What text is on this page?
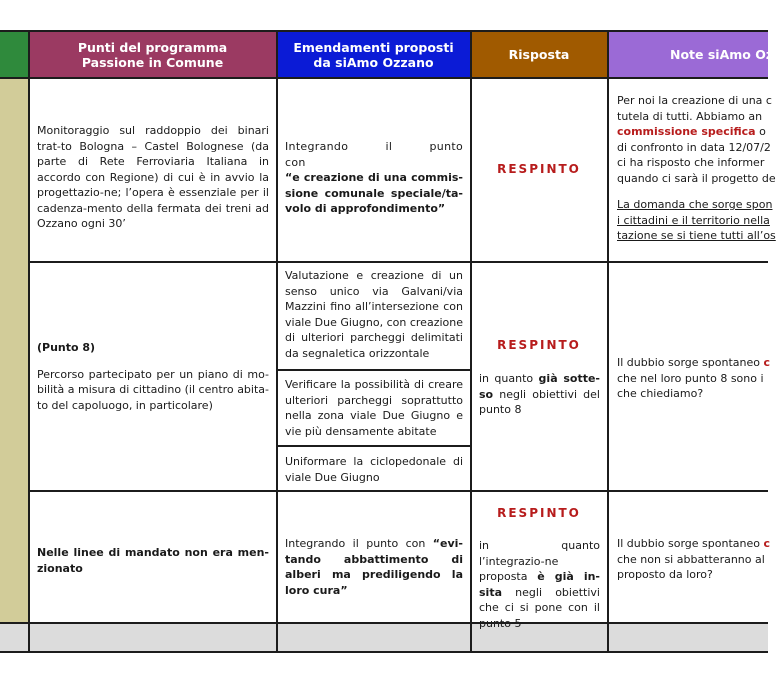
Punti del programma
Passione in Comune
Emendamenti proposti
da siAmo Ozzano	Risposta	Note siAmo Oz
Monitoraggio sul raddoppio dei binari trat-to Bologna – Castel Bolognese (da parte di Rete Ferroviaria Italiana in accordo con Regione) di cui è in avvio la progettazio-ne; l’opera è essenziale per il cadenza-mento della fermata dei treni ad Ozzano ogni 30’
Integrando il punto con
“e creazione di una commis-sione comunale speciale/ta-volo di approfondimento”
RESPINTO
Per noi la creazione di una c
tutela di tutti. Abbiamo an
commissione specifica o
di confronto in data 12/07/2
ci ha risposto che informer
quando ci sarà il progetto de
La domanda che sorge spon
i cittadini e il territorio nella
tazione se si tiene tutti all’os
(Punto 8)
Percorso partecipato per un piano di mo-bilità a misura di cittadino (il centro abita-to del capoluogo, in particolare)
Valutazione e creazione di un senso unico via Galvani/via Mazzini fino all’intersezione con viale Due Giugno, con creazione di ulteriori parcheggi delimitati da segnaletica orizzontale
Verificare la possibilità di creare ulteriori parcheggi soprattutto nella zona viale Due Giugno e vie più densamente abitate
Uniformare la ciclopedonale di viale Due Giugno
RESPINTO
in quanto già sotte-so negli obiettivi del punto 8
Il dubbio sorge spontaneo c
che nel loro punto 8 sono i
che chiediamo?
Nelle linee di mandato non era men-zionato
Integrando il punto con “evi-tando abbattimento di alberi ma prediligendo la loro cura”
RESPINTO
in quanto l’integrazio-ne proposta è già in-sita negli obiettivi che ci si pone con il
Il dubbio sorge spontaneo c
che non si abbatteranno al
proposto da loro?
